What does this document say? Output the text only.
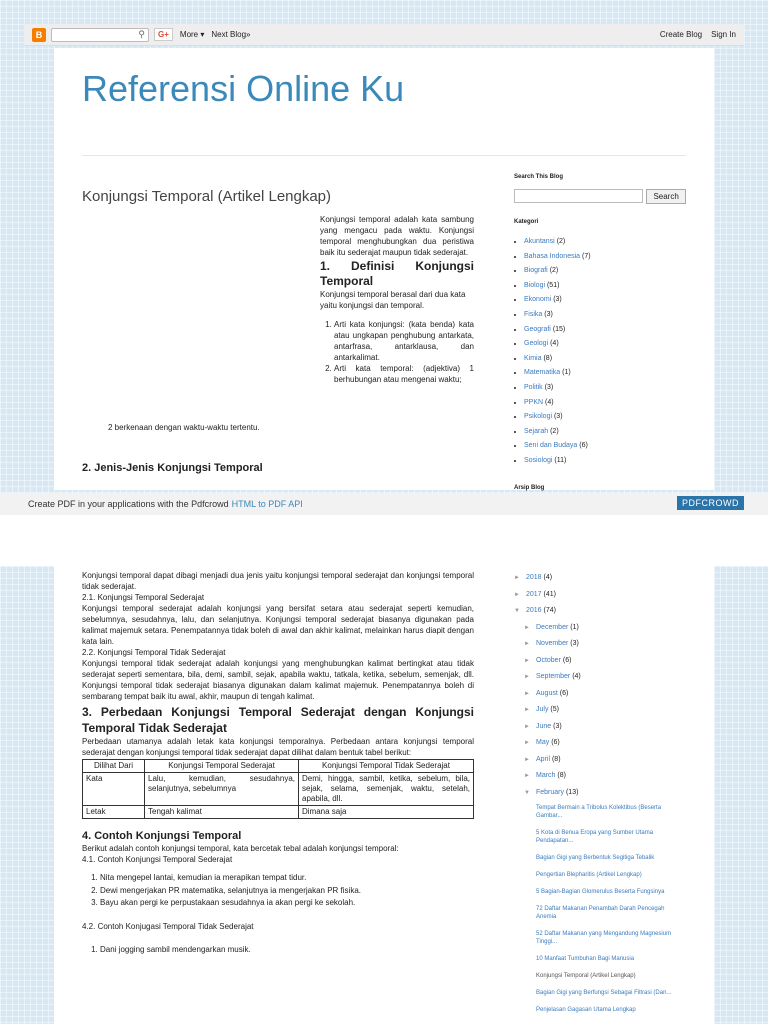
B	⚲	G+	More ▾ Next Blog»	Create Blog Sign In
Referensi Online Ku
Konjungsi Temporal (Artikel Lengkap)

Konjungsi temporal adalah kata sambung yang mengacu pada waktu. Konjungsi temporal menghubungkan dua peristiwa baik itu sederajat maupun tidak sederajat.

1. Definisi Konjungsi Temporal

Konjungsi temporal berasal dari dua kata yaitu konjungsi dan temporal.

1. Arti kata konjungsi: (kata benda) kata atau ungkapan penghubung antarkata, antarfrasa, antarklausa, dan antarkalimat.
2. Arti kata temporal: (adjektiva) 1 berhubungan atau mengenai waktu;

2 berkenaan dengan waktu-waktu tertentu.

2. Jenis-Jenis Konjungsi Temporal
Search This Blog
Search
Kategori
• Akuntansi (2)
• Bahasa Indonesia (7)
• Biografi (2)
• Biologi (51)
• Ekonomi (3)
• Fisika (3)
• Geografi (15)
• Geologi (4)
• Kimia (8)
• Matematika (1)
• Politik (3)
• PPKN (4)
• Psikologi (3)
• Sejarah (2)
• Seni dan Budaya (6)
• Sosiologi (11)
Arsip Blog
Create PDF in your applications with the Pdfcrowd HTML to PDF API	PDFCROWD

Konjungsi temporal dapat dibagi menjadi dua jenis yaitu konjungsi temporal sederajat dan konjungsi temporal tidak sederajat.

2.1. Konjungsi Temporal Sederajat

Konjungsi temporal sederajat adalah konjungsi yang bersifat setara atau sederajat seperti kemudian, sebelumnya, sesudahnya, lalu, dan selanjutnya. Konjungsi temporal sederajat biasanya digunakan pada kalimat majemuk setara. Penempatannya tidak boleh di awal dan akhir kalimat, melainkan harus diapit dengan kata lain.

2.2. Konjungsi Temporal Tidak Sederajat

Konjungsi temporal tidak sederajat adalah konjungsi yang menghubungkan kalimat bertingkat atau tidak sederajat seperti sementara, bila, demi, sambil, sejak, apabila waktu, tatkala, ketika, sebelum, semenjak, dll. Konjungsi temporal tidak sederajat biasanya digunakan dalam kalimat majemuk. Penempatannya boleh di sembarang tempat baik itu awal, akhir, maupun di tengah kalimat.

3. Perbedaan Konjungsi Temporal Sederajat dengan Konjungsi Temporal Tidak Sederajat

Perbedaan utamanya adalah letak kata konjungsi temporalnya. Perbedaan antara konjungsi temporal sederajat dengan konjungsi temporal tidak sederajat dapat dilihat dalam bentuk tabel berikut:

Dilihat Dari	Konjungsi Temporal Sederajat	Konjungsi Temporal Tidak Sederajat
Kata	Lalu, kemudian, sesudahnya, selanjutnya, sebelumnya	Demi, hingga, sambil, ketika, sebelum, bila, sejak, selama, semenjak, waktu, setelah, apabila, dll.
Letak	Tengah kalimat	Dimana saja
4. Contoh Konjungsi Temporal

Berikut adalah contoh konjungsi temporal, kata bercetak tebal adalah konjungsi temporal:

4.1. Contoh Konjungsi Temporal Sederajat

1. Nita mengepel lantai, kemudian ia merapikan tempat tidur.
2. Dewi mengerjakan PR matematika, selanjutnya ia mengerjakan PR fisika.
3. Bayu akan pergi ke perpustakaan sesudahnya ia akan pergi ke sekolah.

4.2. Contoh Konjugasi Temporal Tidak Sederajat

1. Dani jogging sambil mendengarkan musik.
► 2018 (4)
► 2017 (41)
▼ 2016 (74)
► December (1)
► November (3)
► October (6)
► September (4)
► August (6)
► July (5)
► June (3)
► May (6)
► April (8)
► March (8)
▼ February (13)
Tempat Bermain a Tribolus Kolektibus (Beserta Gambar...
5 Kota di Benua Eropa yang Sumber Utama Pendapatan...
Bagian Gigi yang Berbentuk Segitiga Tebalik
Pengertian Blepharitis (Artikel Lengkap)
5 Bagian-Bagian Glomerulus Beserta Fungsinya
72 Daftar Makanan Penambah Darah Pencegah Anemia
52 Daftar Makanan yang Mengandung Magnesium Tinggi...
10 Manfaat Tumbuhan Bagi Manusia
Konjungsi Temporal (Artikel Lengkap)
Bagian Gigi yang Berfungsi Sebagai Filtrasi (Dan...
Penjelasan Gagasan Utama Lengkap
